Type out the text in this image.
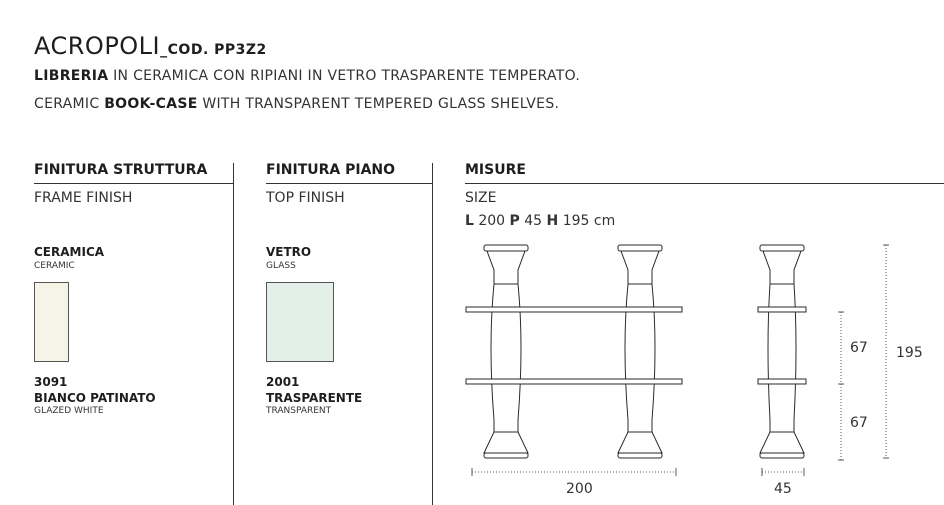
ACROPOLI_COD. PP3Z2
LIBRERIA IN CERAMICA CON RIPIANI IN VETRO TRASPARENTE TEMPERATO.
CERAMIC BOOK-CASE WITH TRANSPARENT TEMPERED GLASS SHELVES.
FINITURA STRUTTURA
FRAME FINISH
CERAMICA
CERAMIC
3091
BIANCO PATINATO
GLAZED WHITE
FINITURA PIANO
TOP FINISH
VETRO
GLASS
2001
TRASPARENTE
TRANSPARENT
MISURE
SIZE
L 200 P 45 H 195 cm
200	45
67
67
195
